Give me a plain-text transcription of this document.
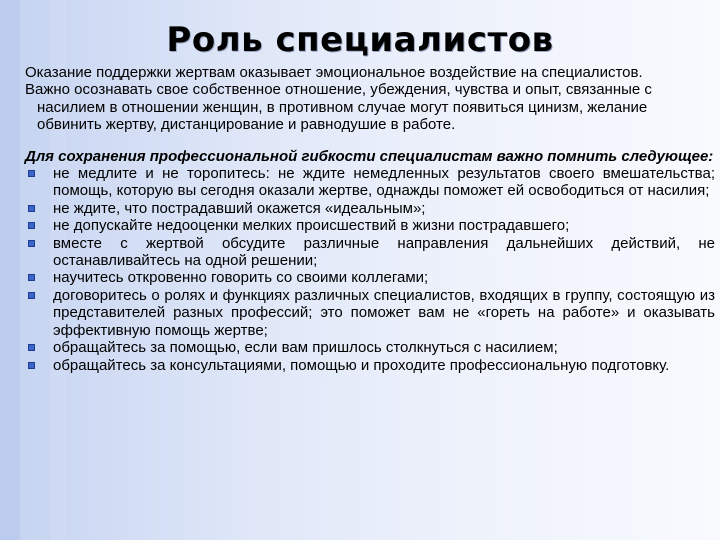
Роль специалистов

Оказание поддержки жертвам оказывает эмоциональное воздействие на специалистов.

Важно осознавать свое собственное отношение, убеждения, чувства и опыт, связанные с насилием в отношении женщин, в противном случае могут появиться цинизм, желание обвинить жертву, дистанцирование и равнодушие в работе.

Для сохранения профессиональной гибкости специалистам важно помнить следующее:

не медлите и не торопитесь: не ждите немедленных результатов своего вмешательства; помощь, которую вы сегодня оказали жертве, однажды поможет ей освободиться от насилия;
не ждите, что пострадавший окажется «идеальным»;
не допускайте недооценки мелких происшествий в жизни пострадавшего;
вместе с жертвой обсудите различные направления дальнейших действий, не останавливайтесь на одной решении;
научитесь откровенно говорить со своими коллегами;
договоритесь о ролях и функциях различных специалистов, входящих в группу, состоящую из представителей разных профессий; это поможет вам не «гореть на работе» и оказывать эффективную помощь жертве;
обращайтесь за помощью, если вам пришлось столкнуться с насилием;
обращайтесь за консультациями, помощью и проходите профессиональную подготовку.
